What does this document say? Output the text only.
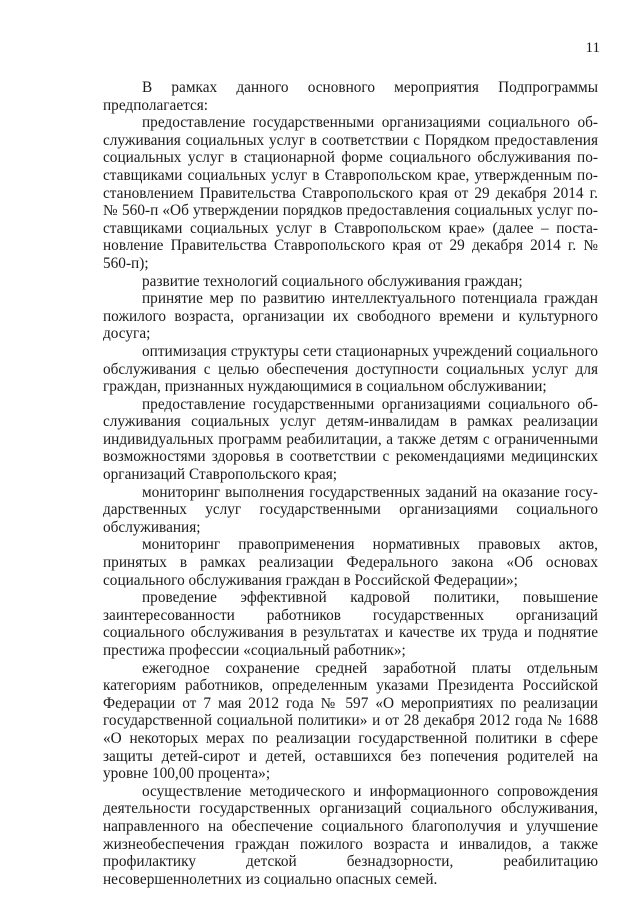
11

В рамках данного основного мероприятия Подпрограммы предполагается:

предоставление государственными организациями социального обслуживания социальных услуг в соответствии с Порядком предоставления социальных услуг в стационарной форме социального обслуживания поставщиками социальных услуг в Ставропольском крае, утвержденным постановлением Правительства Ставропольского края от 29 декабря 2014 г. № 560-п «Об утверждении порядков предоставления социальных услуг поставщиками социальных услуг в Ставропольском крае» (далее – постановление Правительства Ставропольского края от 29 декабря 2014 г. № 560-п);

развитие технологий социального обслуживания граждан;

принятие мер по развитию интеллектуального потенциала граждан пожилого возраста, организации их свободного времени и культурного досуга;

оптимизация структуры сети стационарных учреждений социального обслуживания с целью обеспечения доступности социальных услуг для граждан, признанных нуждающимися в социальном обслуживании;

предоставление государственными организациями социального обслуживания социальных услуг детям-инвалидам в рамках реализации индивидуальных программ реабилитации, а также детям с ограниченными возможностями здоровья в соответствии с рекомендациями медицинских организаций Ставропольского края;

мониторинг выполнения государственных заданий на оказание государственных услуг государственными организациями социального обслуживания;

мониторинг правоприменения нормативных правовых актов, принятых в рамках реализации Федерального закона «Об основах социального обслуживания граждан в Российской Федерации»;

проведение эффективной кадровой политики, повышение заинтересованности работников государственных организаций социального обслуживания в результатах и качестве их труда и поднятие престижа профессии «социальный работник»;

ежегодное сохранение средней заработной платы отдельным категориям работников, определенным указами Президента Российской Федерации от 7 мая 2012 года № 597 «О мероприятиях по реализации государственной социальной политики» и от 28 декабря 2012 года № 1688 «О некоторых мерах по реализации государственной политики в сфере защиты детей-сирот и детей, оставшихся без попечения родителей на уровне 100,00 процента»;

осуществление методического и информационного сопровождения деятельности государственных организаций социального обслуживания, направленного на обеспечение социального благополучия и улучшение жизнеобеспечения граждан пожилого возраста и инвалидов, а также профилактику детской безнадзорности, реабилитацию несовершеннолетних из социально опасных семей.
